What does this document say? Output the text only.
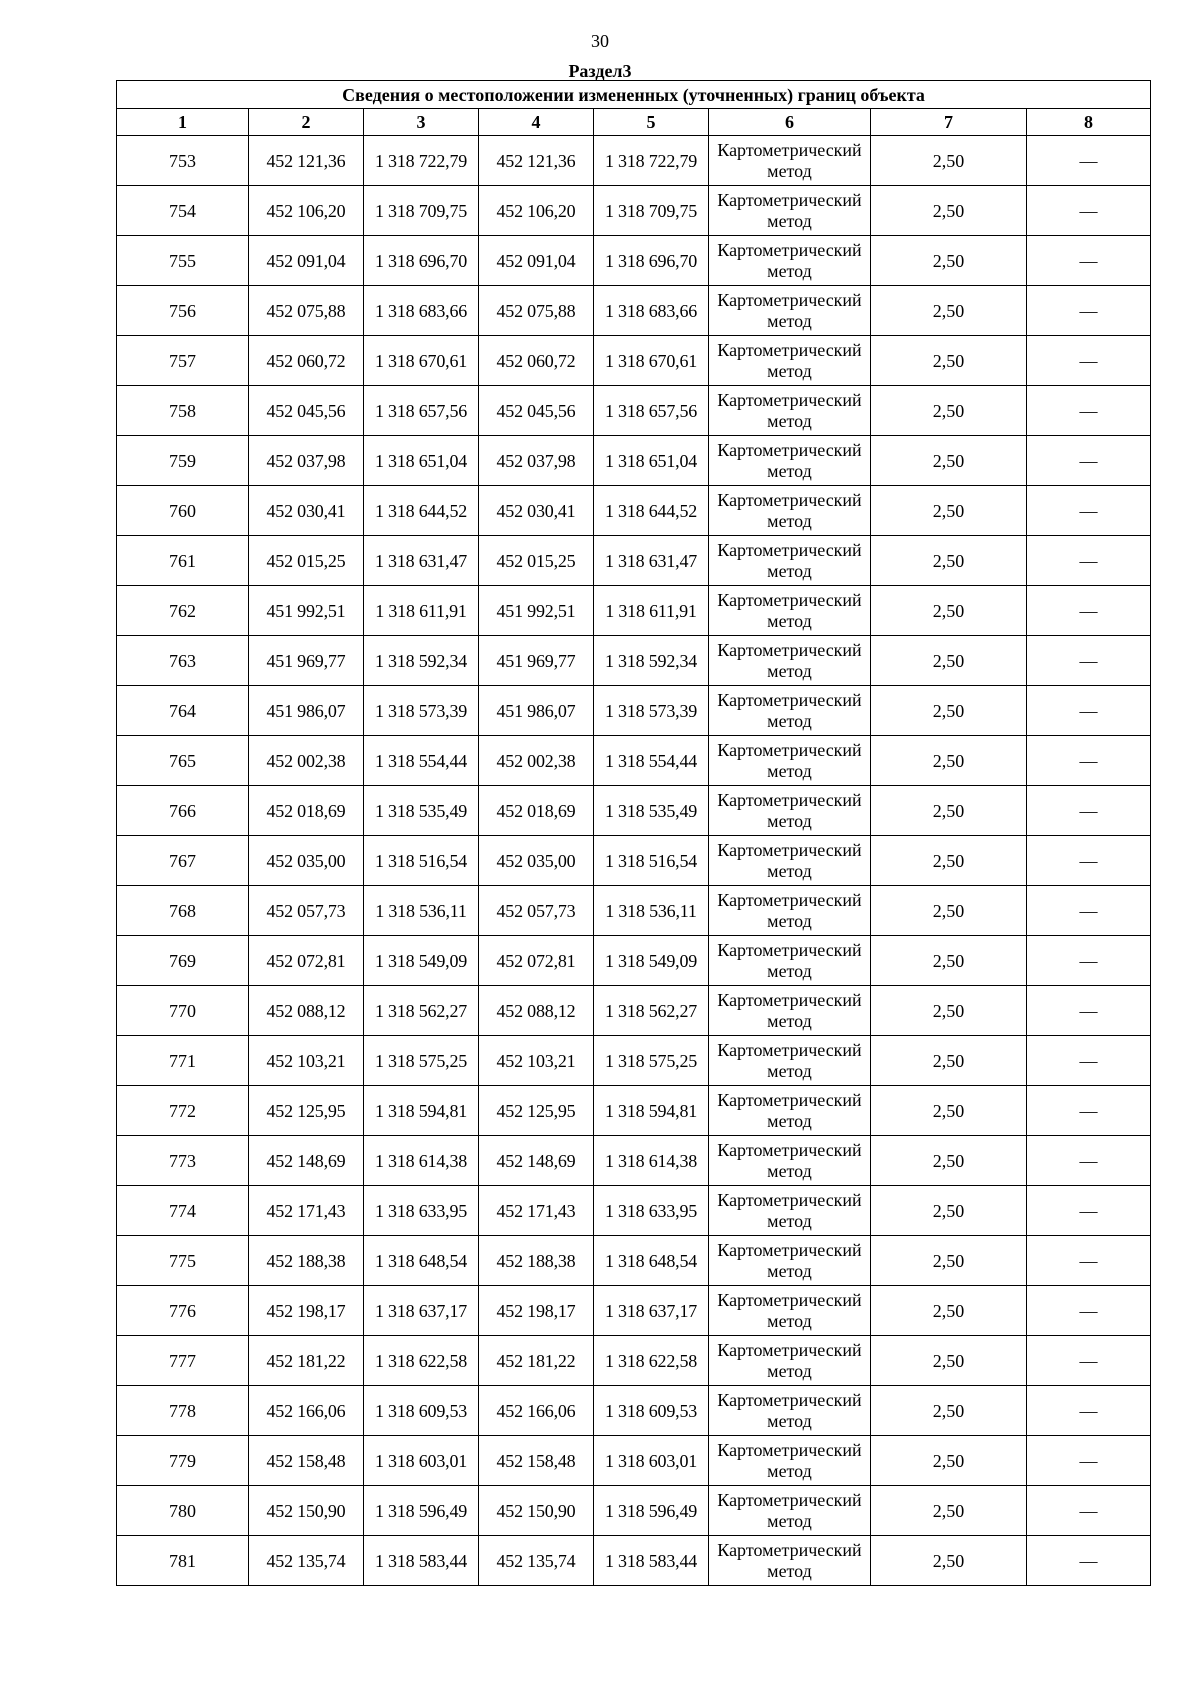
30
Раздел3
Сведения о местоположении измененных (уточненных) границ объекта							
1	2	3	4	5	6	7	8
753	452 121,36	1 318 722,79	452 121,36	1 318 722,79	Картометрический метод	2,50	—
754	452 106,20	1 318 709,75	452 106,20	1 318 709,75	Картометрический метод	2,50	—
755	452 091,04	1 318 696,70	452 091,04	1 318 696,70	Картометрический метод	2,50	—
756	452 075,88	1 318 683,66	452 075,88	1 318 683,66	Картометрический метод	2,50	—
757	452 060,72	1 318 670,61	452 060,72	1 318 670,61	Картометрический метод	2,50	—
758	452 045,56	1 318 657,56	452 045,56	1 318 657,56	Картометрический метод	2,50	—
759	452 037,98	1 318 651,04	452 037,98	1 318 651,04	Картометрический метод	2,50	—
760	452 030,41	1 318 644,52	452 030,41	1 318 644,52	Картометрический метод	2,50	—
761	452 015,25	1 318 631,47	452 015,25	1 318 631,47	Картометрический метод	2,50	—
762	451 992,51	1 318 611,91	451 992,51	1 318 611,91	Картометрический метод	2,50	—
763	451 969,77	1 318 592,34	451 969,77	1 318 592,34	Картометрический метод	2,50	—
764	451 986,07	1 318 573,39	451 986,07	1 318 573,39	Картометрический метод	2,50	—
765	452 002,38	1 318 554,44	452 002,38	1 318 554,44	Картометрический метод	2,50	—
766	452 018,69	1 318 535,49	452 018,69	1 318 535,49	Картометрический метод	2,50	—
767	452 035,00	1 318 516,54	452 035,00	1 318 516,54	Картометрический метод	2,50	—
768	452 057,73	1 318 536,11	452 057,73	1 318 536,11	Картометрический метод	2,50	—
769	452 072,81	1 318 549,09	452 072,81	1 318 549,09	Картометрический метод	2,50	—
770	452 088,12	1 318 562,27	452 088,12	1 318 562,27	Картометрический метод	2,50	—
771	452 103,21	1 318 575,25	452 103,21	1 318 575,25	Картометрический метод	2,50	—
772	452 125,95	1 318 594,81	452 125,95	1 318 594,81	Картометрический метод	2,50	—
773	452 148,69	1 318 614,38	452 148,69	1 318 614,38	Картометрический метод	2,50	—
774	452 171,43	1 318 633,95	452 171,43	1 318 633,95	Картометрический метод	2,50	—
775	452 188,38	1 318 648,54	452 188,38	1 318 648,54	Картометрический метод	2,50	—
776	452 198,17	1 318 637,17	452 198,17	1 318 637,17	Картометрический метод	2,50	—
777	452 181,22	1 318 622,58	452 181,22	1 318 622,58	Картометрический метод	2,50	—
778	452 166,06	1 318 609,53	452 166,06	1 318 609,53	Картометрический метод	2,50	—
779	452 158,48	1 318 603,01	452 158,48	1 318 603,01	Картометрический метод	2,50	—
780	452 150,90	1 318 596,49	452 150,90	1 318 596,49	Картометрический метод	2,50	—
781	452 135,74	1 318 583,44	452 135,74	1 318 583,44	Картометрический метод	2,50	—
